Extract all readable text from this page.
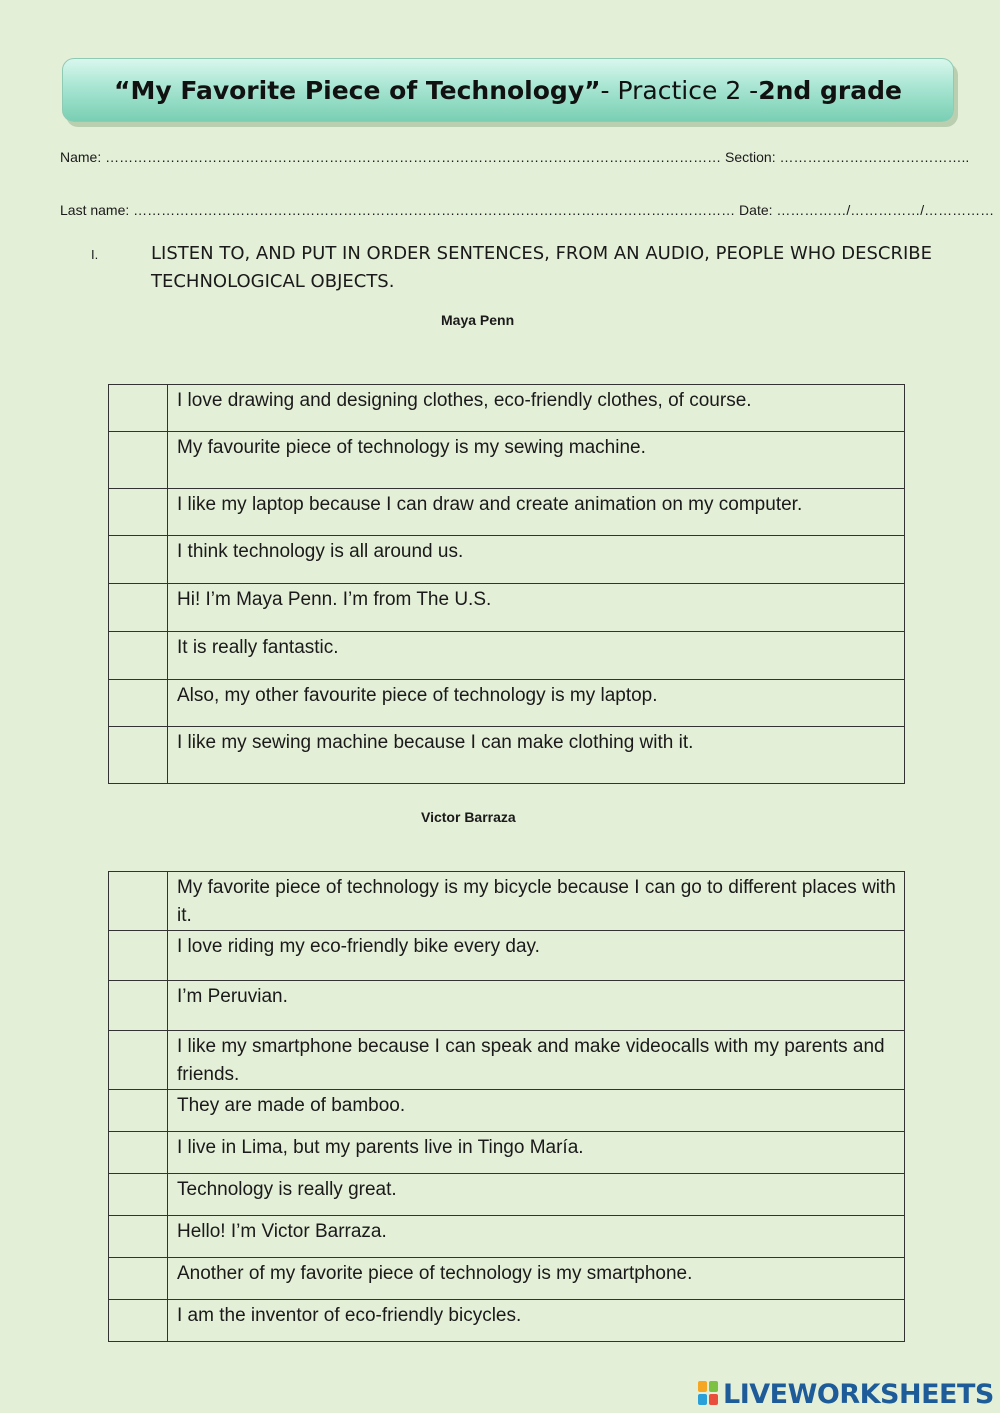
“My Favorite Piece of Technology” - Practice 2 - 2nd grade
Name: …………………………………………………………………………………………………………………… Section: …………………………………..
Last name: ………………………………………………………………………………………………………………… Date: ……………/……………/……………
I.	LISTEN TO, AND PUT IN ORDER SENTENCES, FROM AN AUDIO, PEOPLE WHO DESCRIBE TECHNOLOGICAL OBJECTS.
Maya Penn
	I love drawing and designing clothes, eco-friendly clothes, of course.
	My favourite piece of technology is my sewing machine.
	I like my laptop because I can draw and create animation on my computer.
	I think technology is all around us.
	Hi! I’m Maya Penn. I’m from The U.S.
	It is really fantastic.
	Also, my other favourite piece of technology is my laptop.
	I like my sewing machine because I can make clothing with it.
Victor Barraza
	My favorite piece of technology is my bicycle because I can go to different places with it.
	I love riding my eco-friendly bike every day.
	I’m Peruvian.
	I like my smartphone because I can speak and make videocalls with my parents and friends.
	They are made of bamboo.
	I live in Lima, but my parents live in Tingo María.
	Technology is really great.
	Hello! I’m Victor Barraza.
	Another of my favorite piece of technology is my smartphone.
	I am the inventor of eco-friendly bicycles.
LIVEWORKSHEETS
